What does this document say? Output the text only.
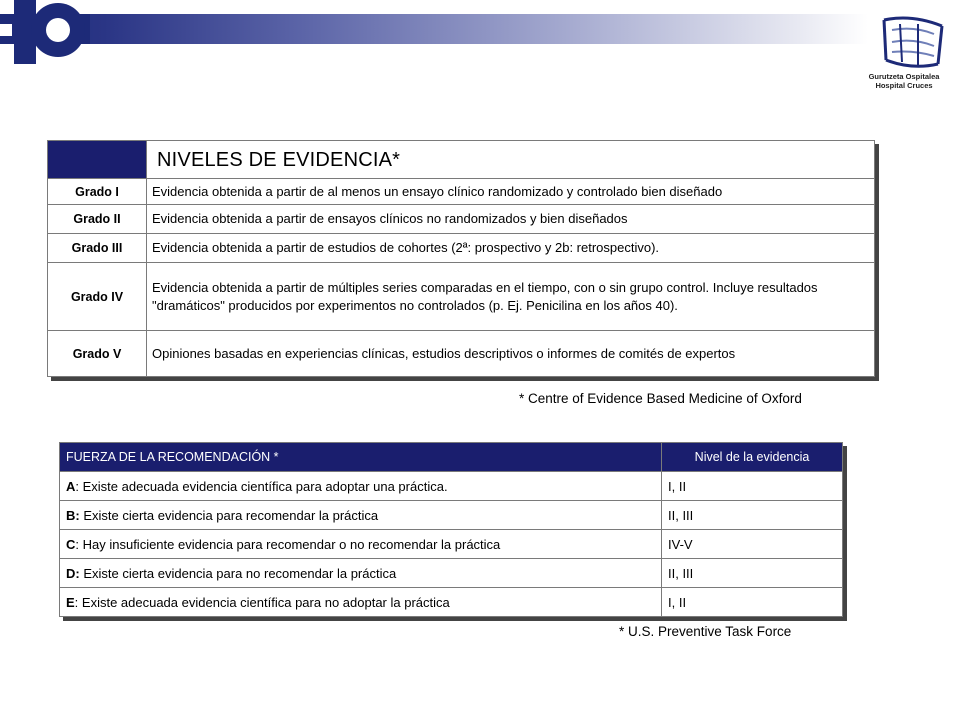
Gurutzeta Ospitalea
Hospital Cruces
	NIVELES DE EVIDENCIA*
Grado I	Evidencia obtenida a partir de al menos un ensayo clínico randomizado y controlado bien diseñado
Grado II	Evidencia obtenida a partir de ensayos clínicos no randomizados y bien diseñados
Grado III	Evidencia obtenida a partir de estudios de cohortes (2ª: prospectivo y 2b: retrospectivo).
Grado IV	Evidencia obtenida a partir de múltiples series comparadas en el tiempo, con o sin grupo control. Incluye resultados "dramáticos" producidos por experimentos no controlados (p. Ej. Penicilina en los años 40).
Grado V	Opiniones basadas en experiencias clínicas, estudios descriptivos o informes de comités de expertos
* Centre of Evidence Based Medicine of Oxford
FUERZA DE LA RECOMENDACIÓN *	Nivel de la evidencia
A: Existe adecuada evidencia científica para adoptar una práctica.	I, II
B: Existe cierta evidencia para recomendar la práctica	II, III
C: Hay insuficiente evidencia para recomendar o no recomendar la práctica	IV-V
D: Existe cierta evidencia para no recomendar la práctica	II, III
E: Existe adecuada evidencia científica para no adoptar la práctica	I, II
* U.S. Preventive Task Force
